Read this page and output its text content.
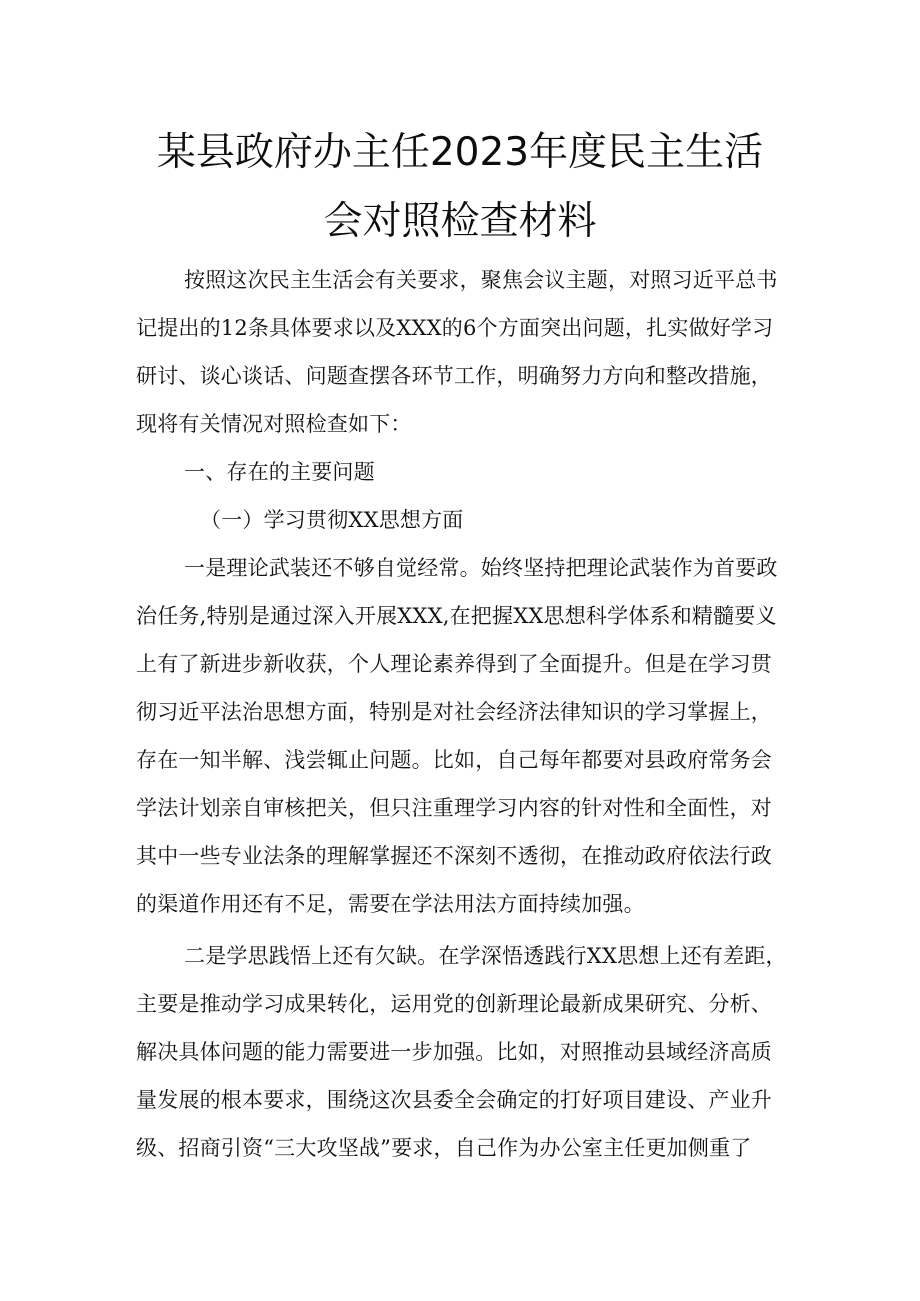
某县政府办主任2023年度民主生活
会对照检查材料
按照这次民主生活会有关要求，聚焦会议主题，对照习近平总书
记提出的12条具体要求以及XXX的6个方面突出问题，扎实做好学习
研讨、谈心谈话、问题查摆各环节工作，明确努力方向和整改措施，
现将有关情况对照检查如下：
一、存在的主要问题
（一）学习贯彻XX思想方面
一是理论武装还不够自觉经常。始终坚持把理论武装作为首要政
治任务,特别是通过深入开展XXX,在把握XX思想科学体系和精髓要义
上有了新进步新收获，个人理论素养得到了全面提升。但是在学习贯
彻习近平法治思想方面，特别是对社会经济法律知识的学习掌握上，
存在一知半解、浅尝辄止问题。比如，自己每年都要对县政府常务会
学法计划亲自审核把关，但只注重理学习内容的针对性和全面性，对
其中一些专业法条的理解掌握还不深刻不透彻，在推动政府依法行政
的渠道作用还有不足，需要在学法用法方面持续加强。
二是学思践悟上还有欠缺。在学深悟透践行XX思想上还有差距，
主要是推动学习成果转化，运用党的创新理论最新成果研究、分析、
解决具体问题的能力需要进一步加强。比如，对照推动县域经济高质
量发展的根本要求，围绕这次县委全会确定的打好项目建设、产业升
级、招商引资“三大攻坚战”要求，自己作为办公室主任更加侧重了
